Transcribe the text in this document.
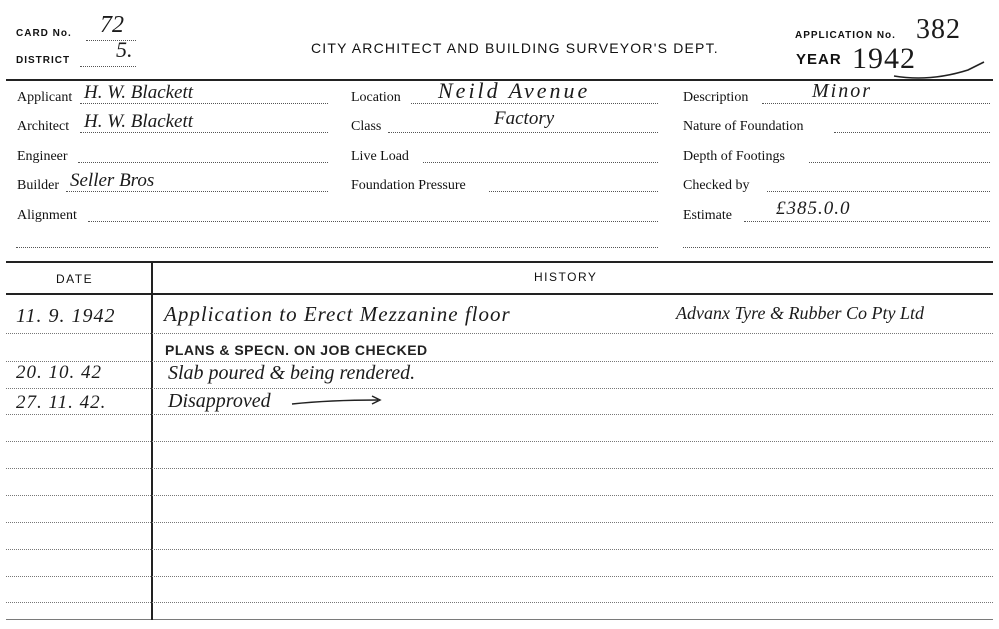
CARD No. 72
DISTRICT 5.	CITY ARCHITECT AND BUILDING SURVEYOR'S DEPT.
APPLICATION No. 382
YEAR 1942
Applicant H. W. Blackett
Architect H. W. Blackett
Engineer
Builder Seller Bros
Alignment
Location Neild Avenue
Class	Factory
Live Load
Foundation Pressure
Description	Minor
Nature of Foundation
Depth of Footings
Checked by
Estimate £385.0.0
DATE	HISTORY
11. 9. 1942 Application to Erect Mezzanine floor	Advanx Tyre & Rubber Co Pty Ltd
PLANS & SPECN. ON JOB CHECKED
20. 10. 42	Slab poured & being rendered.
27. 11. 42.	Disapproved
